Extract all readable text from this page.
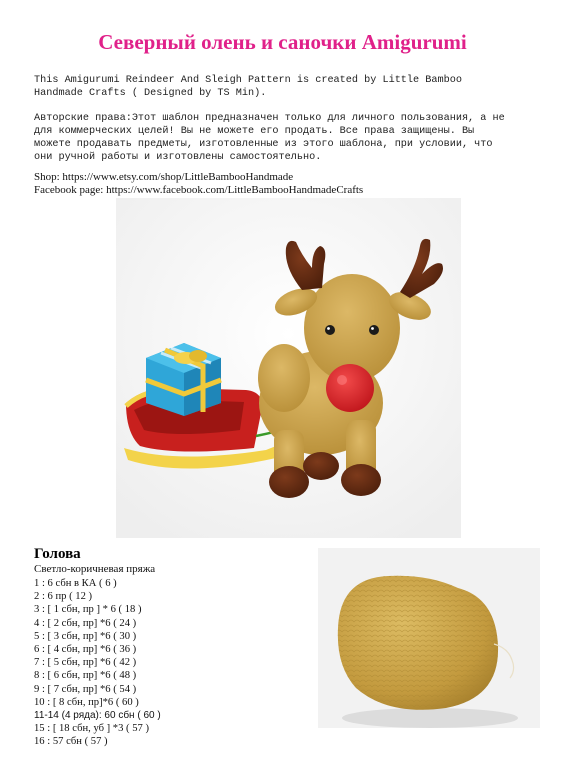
Северный олень и саночки Amigurumi

This Amigurumi Reindeer And Sleigh Pattern is created by Little Bamboo
Handmade Crafts ( Designed by TS Min).

Авторские права:Этот шаблон предназначен только для личного пользования, а не
для коммерческих целей! Вы не можете его продать. Все права защищены. Вы
можете продавать предметы, изготовленные из этого шаблона, при условии, что
они ручной работы и изготовлены самостоятельно.

Shop: https://www.etsy.com/shop/LittleBambooHandmade
Facebook page: https://www.facebook.com/LittleBambooHandmadeCrafts
Голова
Светло-коричневая пряжа
1 : 6 сбн в КА ( 6 )
2 : 6 пр ( 12 )
3 : [ 1 сбн, пр ] * 6 ( 18 )
4 : [ 2 сбн, пр] *6 ( 24 )
5 : [ 3 сбн, пр] *6 ( 30 )
6 : [ 4 сбн, пр] *6 ( 36 )
7 : [ 5 сбн, пр] *6 ( 42 )
8 : [ 6 сбн, пр] *6 ( 48 )
9 : [ 7 сбн, пр] *6 ( 54 )
10 : [ 8 сбн, пр]*6 ( 60 )
11-14 (4 ряда): 60 сбн ( 60 )
15 : [ 18 сбн, уб ] *3 ( 57 )
16 : 57 сбн ( 57 )
